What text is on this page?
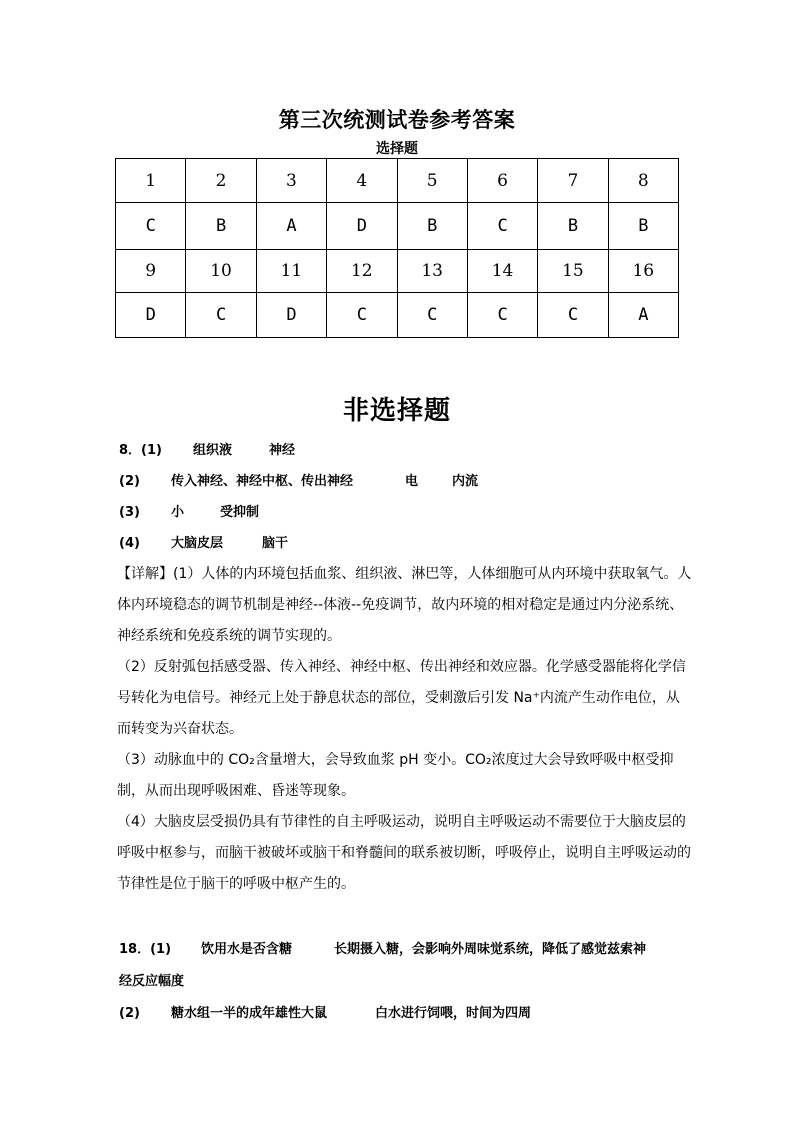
第三次统测试卷参考答案
选择题
1	2	3	4	5	6	7	8
C	B	A	D	B	C	B	B
9	10	11	12	13	14	15	16
D	C	D	C	C	C	C	A
非选择题
8．(1) 组织液	神经
(2) 传入神经、神经中枢、传出神经	电	内流
(3) 小	受抑制
(4) 大脑皮层	脑干

【详解】(1）人体的内环境包括血浆、组织液、淋巴等，人体细胞可从内环境中获取氧气。人体内环境稳态的调节机制是神经--体液--免疫调节，故内环境的相对稳定是通过内分泌系统、神经系统和免疫系统的调节实现的。

（2）反射弧包括感受器、传入神经、神经中枢、传出神经和效应器。化学感受器能将化学信号转化为电信号。神经元上处于静息状态的部位，受刺激后引发 Na⁺内流产生动作电位，从而转变为兴奋状态。

（3）动脉血中的 CO₂含量增大，会导致血浆 pH 变小。CO₂浓度过大会导致呼吸中枢受抑制，从而出现呼吸困难、昏迷等现象。

（4）大脑皮层受损仍具有节律性的自主呼吸运动，说明自主呼吸运动不需要位于大脑皮层的呼吸中枢参与，而脑干被破坏或脑干和脊髓间的联系被切断，呼吸停止，说明自主呼吸运动的节律性是位于脑干的呼吸中枢产生的。

18．(1) 饮用水是否含糖	长期摄入糖，会影响外周味觉系统，降低了感觉兹索神
经反应幅度
(2) 糖水组一半的成年雄性大鼠	白水进行饲喂，时间为四周
